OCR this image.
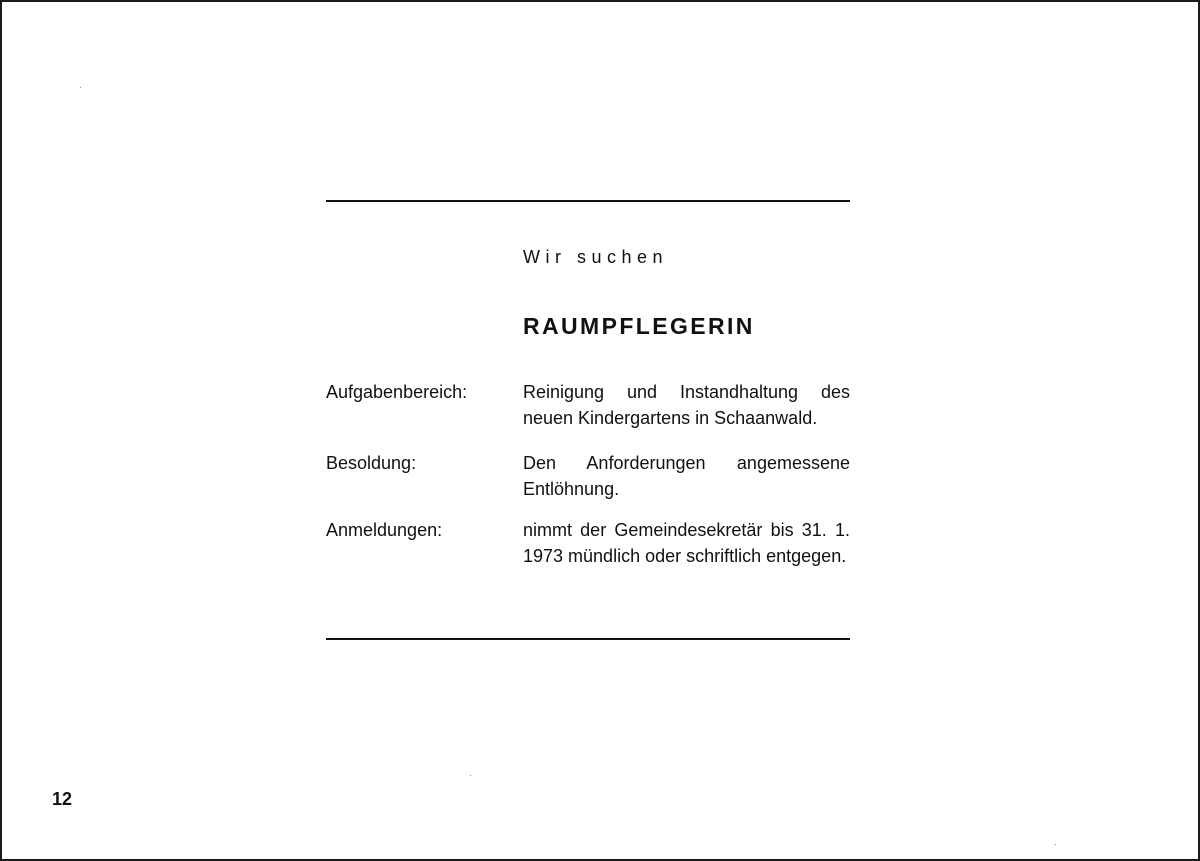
Wir suchen
RAUMPFLEGERIN
Aufgabenbereich:	Reinigung und Instandhaltung des neuen Kindergartens in Schaanwald.
Besoldung:	Den Anforderungen angemessene Entlöhnung.
Anmeldungen:	nimmt der Gemeindesekretär bis 31. 1. 1973 mündlich oder schriftlich entgegen.
12
